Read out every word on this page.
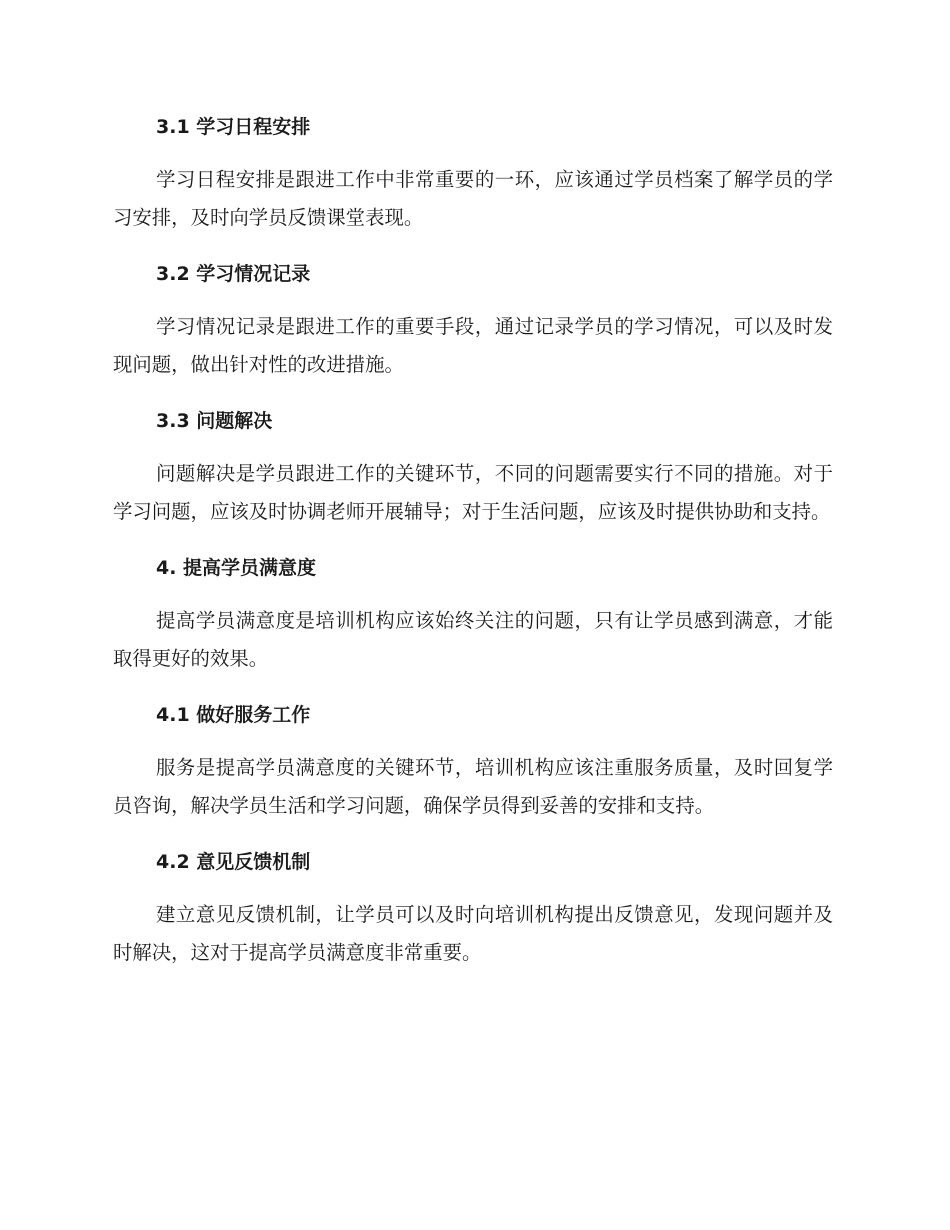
3.1 学习日程安排

学习日程安排是跟进工作中非常重要的一环，应该通过学员档案了解学员的学习安排，及时向学员反馈课堂表现。

3.2 学习情况记录

学习情况记录是跟进工作的重要手段，通过记录学员的学习情况，可以及时发现问题，做出针对性的改进措施。

3.3 问题解决

问题解决是学员跟进工作的关键环节，不同的问题需要实行不同的措施。对于学习问题，应该及时协调老师开展辅导；对于生活问题，应该及时提供协助和支持。

4. 提高学员满意度

提高学员满意度是培训机构应该始终关注的问题，只有让学员感到满意，才能取得更好的效果。

4.1 做好服务工作

服务是提高学员满意度的关键环节，培训机构应该注重服务质量，及时回复学员咨询，解决学员生活和学习问题，确保学员得到妥善的安排和支持。

4.2 意见反馈机制

建立意见反馈机制，让学员可以及时向培训机构提出反馈意见，发现问题并及时解决，这对于提高学员满意度非常重要。
